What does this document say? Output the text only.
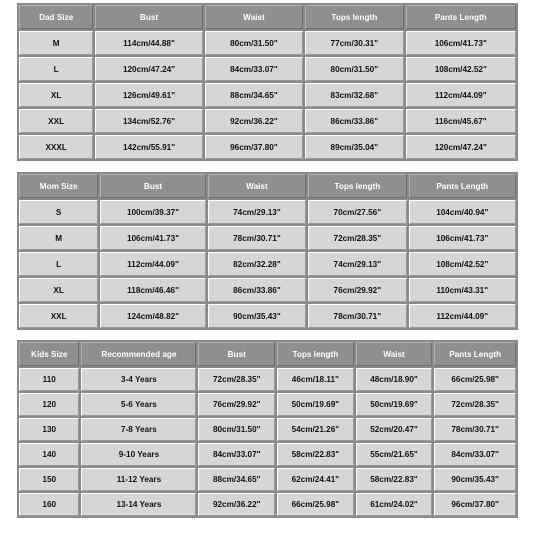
Dad Size	Bust	Waist	Tops length	Pants Length
M	114cm/44.88"	80cm/31.50"	77cm/30.31"	106cm/41.73"
L	120cm/47.24"	84cm/33.07"	80cm/31.50"	108cm/42.52"
XL	126cm/49.61"	88cm/34.65"	83cm/32.68"	112cm/44.09"
XXL	134cm/52.76"	92cm/36.22"	86cm/33.86"	116cm/45.67"
XXXL	142cm/55.91"	96cm/37.80"	89cm/35.04"	120cm/47.24"
Mom Size	Bust	Waist	Tops length	Pants Length
S	100cm/39.37"	74cm/29.13"	70cm/27.56"	104cm/40.94"
M	106cm/41.73"	78cm/30.71"	72cm/28.35"	106cm/41.73"
L	112cm/44.09"	82cm/32.28"	74cm/29.13"	108cm/42.52"
XL	118cm/46.46"	86cm/33.86"	76cm/29.92"	110cm/43.31"
XXL	124cm/48.82"	90cm/35.43"	78cm/30.71"	112cm/44.09"
Kids Size	Recommended age	Bust	Tops length	Waist	Pants Length
110	3-4 Years	72cm/28.35"	46cm/18.11"	48cm/18.90"	66cm/25.98"
120	5-6 Years	76cm/29.92"	50cm/19.69"	50cm/19.69"	72cm/28.35"
130	7-8 Years	80cm/31.50"	54cm/21.26"	52cm/20.47"	78cm/30.71"
140	9-10 Years	84cm/33.07"	58cm/22.83"	55cm/21.65"	84cm/33.07"
150	11-12 Years	88cm/34.65"	62cm/24.41"	58cm/22.83"	90cm/35.43"
160	13-14 Years	92cm/36.22"	66cm/25.98"	61cm/24.02"	96cm/37.80"
